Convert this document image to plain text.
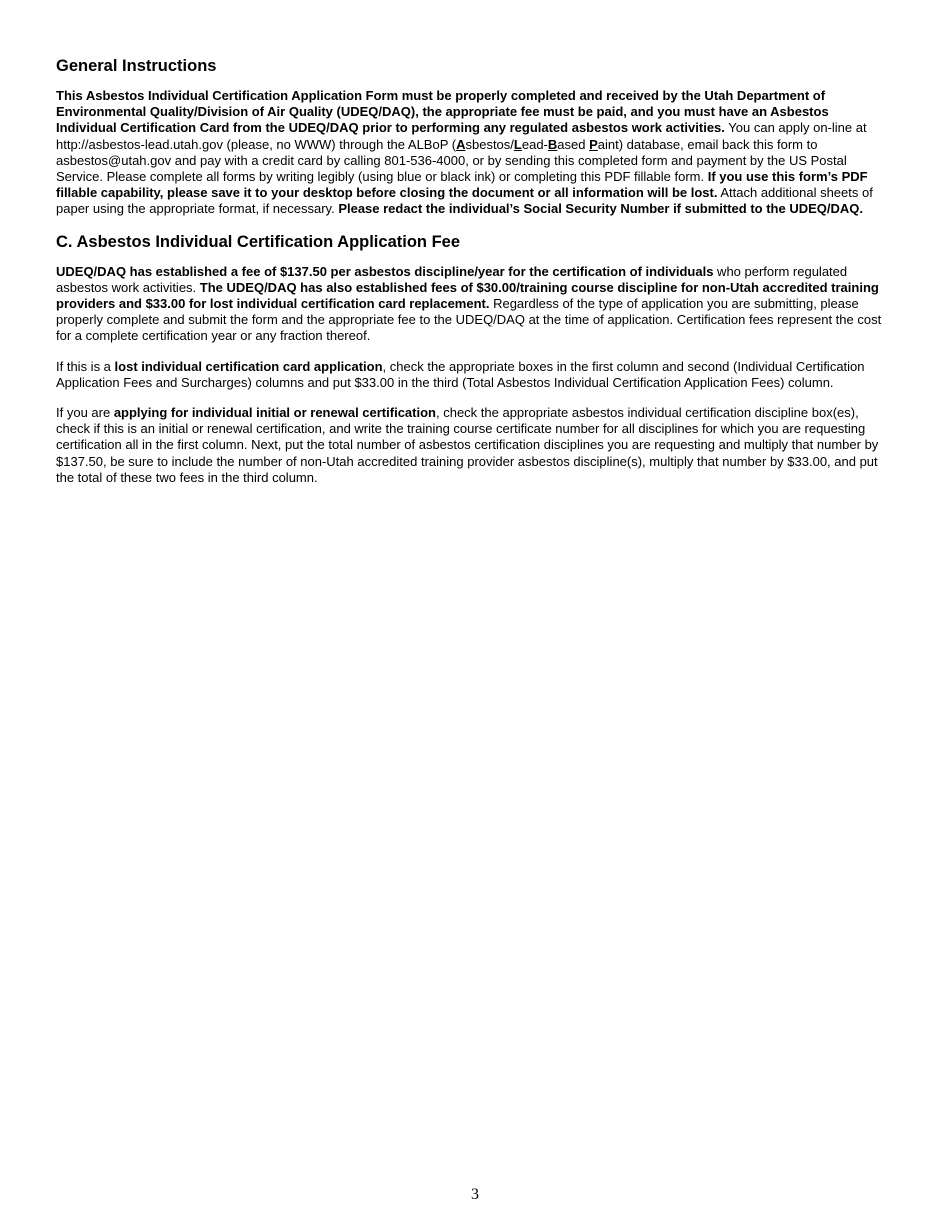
General Instructions

This Asbestos Individual Certification Application Form must be properly completed and received by the Utah Department of Environmental Quality/Division of Air Quality (UDEQ/DAQ), the appropriate fee must be paid, and you must have an Asbestos Individual Certification Card from the UDEQ/DAQ prior to performing any regulated asbestos work activities. You can apply on-line at http://asbestos-lead.utah.gov (please, no WWW) through the ALBoP (Asbestos/Lead-Based Paint) database, email back this form to asbestos@utah.gov and pay with a credit card by calling 801-536-4000, or by sending this completed form and payment by the US Postal Service. Please complete all forms by writing legibly (using blue or black ink) or completing this PDF fillable form. If you use this form’s PDF fillable capability, please save it to your desktop before closing the document or all information will be lost. Attach additional sheets of paper using the appropriate format, if necessary. Please redact the individual’s Social Security Number if submitted to the UDEQ/DAQ.

C. Asbestos Individual Certification Application Fee

UDEQ/DAQ has established a fee of $137.50 per asbestos discipline/year for the certification of individuals who perform regulated asbestos work activities. The UDEQ/DAQ has also established fees of $30.00/training course discipline for non-Utah accredited training providers and $33.00 for lost individual certification card replacement. Regardless of the type of application you are submitting, please properly complete and submit the form and the appropriate fee to the UDEQ/DAQ at the time of application. Certification fees represent the cost for a complete certification year or any fraction thereof.

If this is a lost individual certification card application, check the appropriate boxes in the first column and second (Individual Certification Application Fees and Surcharges) columns and put $33.00 in the third (Total Asbestos Individual Certification Application Fees) column.

If you are applying for individual initial or renewal certification, check the appropriate asbestos individual certification discipline box(es), check if this is an initial or renewal certification, and write the training course certificate number for all disciplines for which you are requesting certification all in the first column. Next, put the total number of asbestos certification disciplines you are requesting and multiply that number by $137.50, be sure to include the number of non-Utah accredited training provider asbestos discipline(s), multiply that number by $33.00, and put the total of these two fees in the third column.

3
